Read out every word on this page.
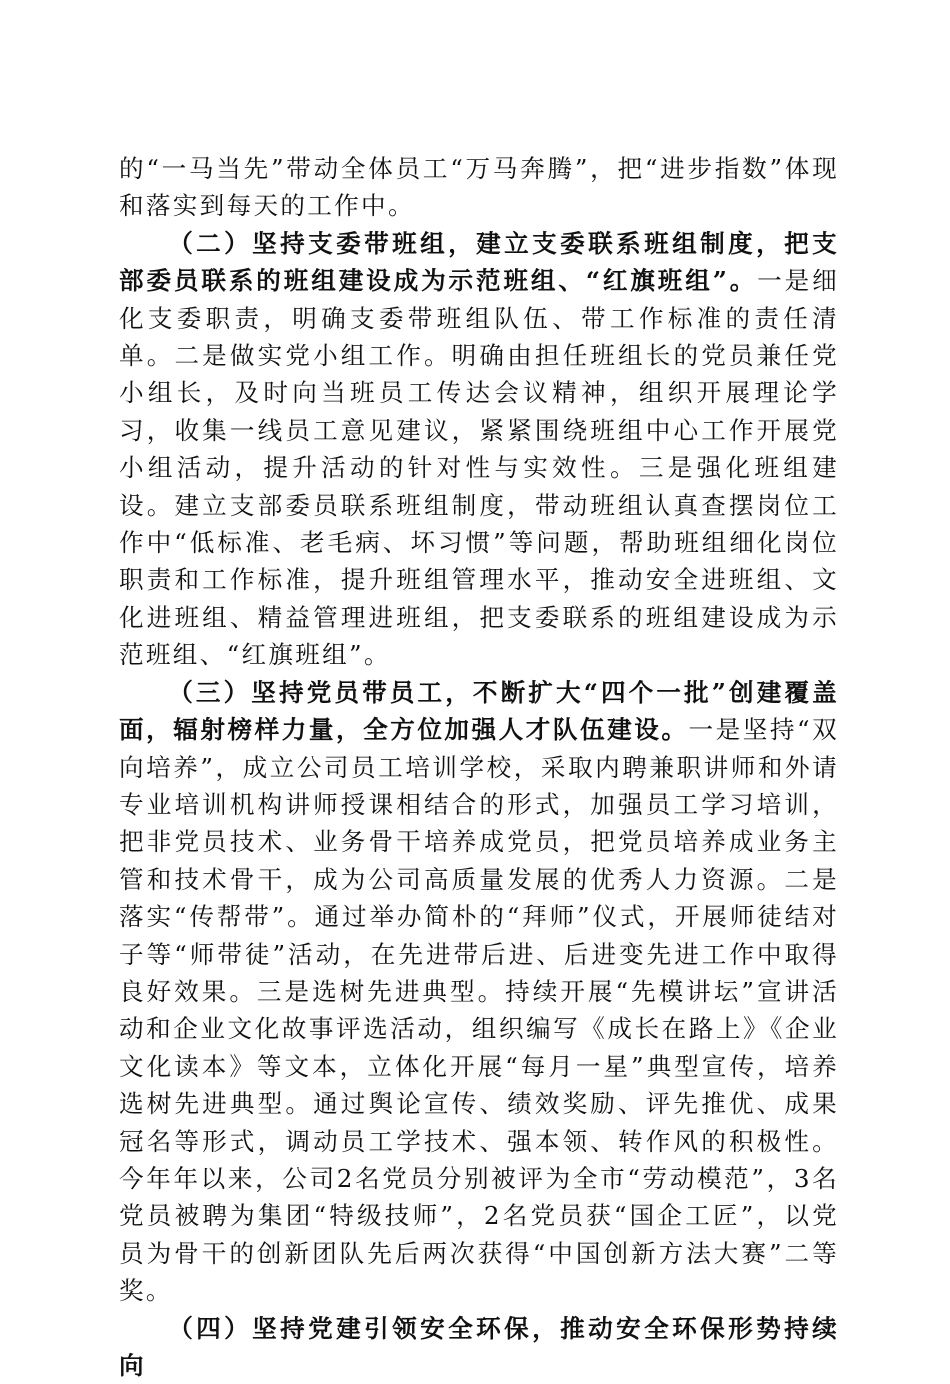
的“一马当先”带动全体员工“万马奔腾”，把“进步指数”体现和落实到每天的工作中。

（二）坚持支委带班组，建立支委联系班组制度，把支部委员联系的班组建设成为示范班组、“红旗班组”。一是细化支委职责，明确支委带班组队伍、带工作标准的责任清单。二是做实党小组工作。明确由担任班组长的党员兼任党小组长，及时向当班员工传达会议精神，组织开展理论学习，收集一线员工意见建议，紧紧围绕班组中心工作开展党小组活动，提升活动的针对性与实效性。三是强化班组建设。建立支部委员联系班组制度，带动班组认真查摆岗位工作中“低标准、老毛病、坏习惯”等问题，帮助班组细化岗位职责和工作标准，提升班组管理水平，推动安全进班组、文化进班组、精益管理进班组，把支委联系的班组建设成为示范班组、“红旗班组”。

（三）坚持党员带员工，不断扩大“四个一批”创建覆盖面，辐射榜样力量，全方位加强人才队伍建设。一是坚持“双向培养”，成立公司员工培训学校，采取内聘兼职讲师和外请专业培训机构讲师授课相结合的形式，加强员工学习培训，把非党员技术、业务骨干培养成党员，把党员培养成业务主管和技术骨干，成为公司高质量发展的优秀人力资源。二是落实“传帮带”。通过举办简朴的“拜师”仪式，开展师徒结对子等“师带徒”活动，在先进带后进、后进变先进工作中取得良好效果。三是选树先进典型。持续开展“先模讲坛”宣讲活动和企业文化故事评选活动，组织编写《成长在路上》《企业文化读本》等文本，立体化开展“每月一星”典型宣传，培养选树先进典型。通过舆论宣传、绩效奖励、评先推优、成果冠名等形式，调动员工学技术、强本领、转作风的积极性。今年年以来，公司2名党员分别被评为全市“劳动模范”，3名党员被聘为集团“特级技师”，2名党员获“国企工匠”，以党员为骨干的创新团队先后两次获得“中国创新方法大赛”二等奖。

（四）坚持党建引领安全环保，推动安全环保形势持续向
